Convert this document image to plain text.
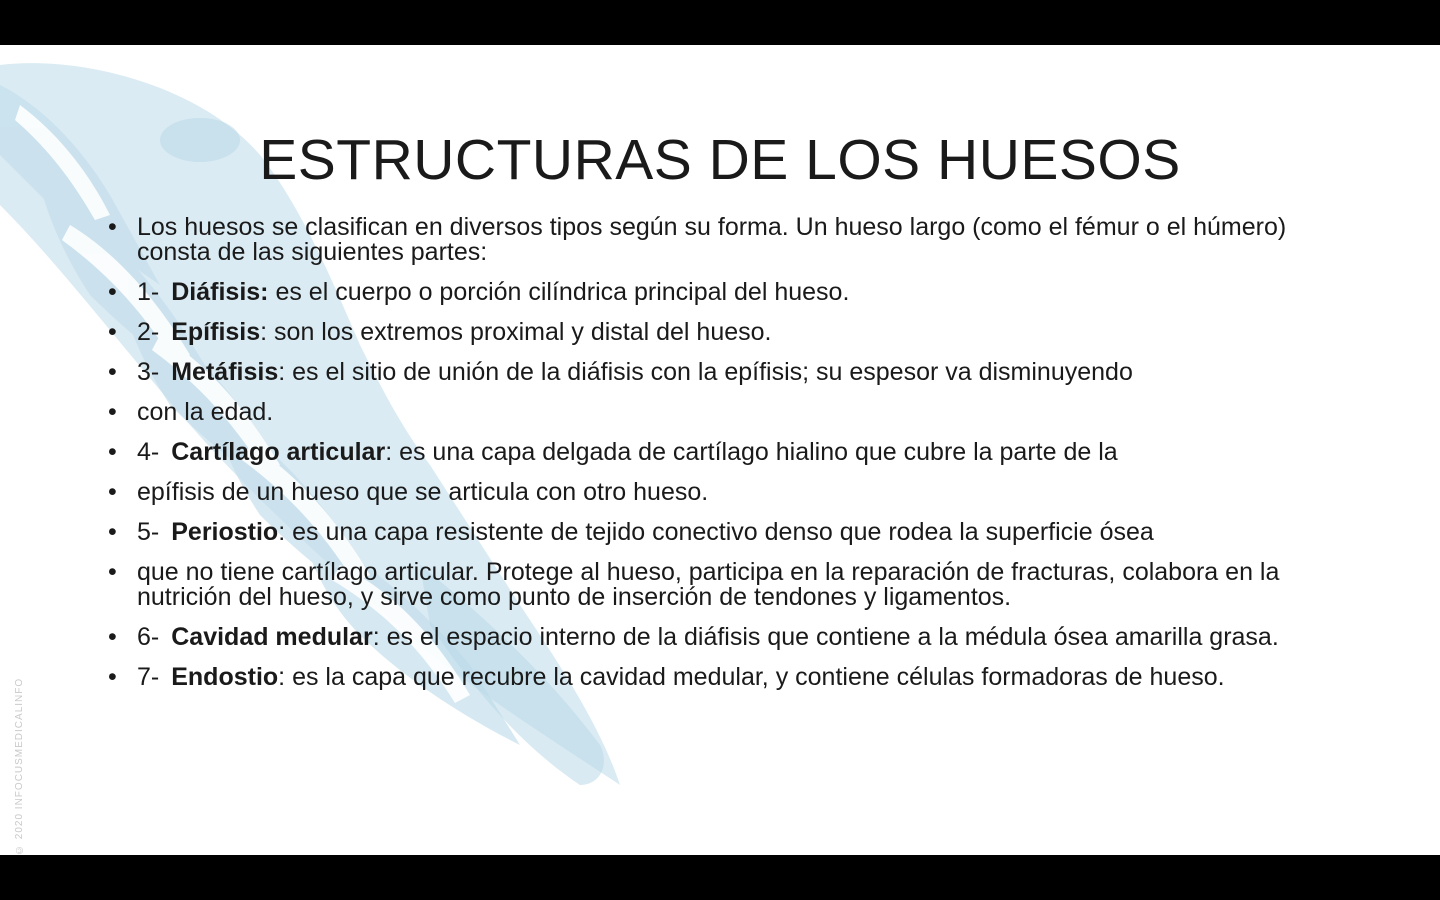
ESTRUCTURAS DE LOS HUESOS
• Los huesos se clasifican en diversos tipos según su forma. Un hueso largo (como el fémur o el húmero) consta de las siguientes partes:
• 1- Diáfisis: es el cuerpo o porción cilíndrica principal del hueso.
• 2- Epífisis: son los extremos proximal y distal del hueso.
• 3- Metáfisis: es el sitio de unión de la diáfisis con la epífisis; su espesor va disminuyendo
• con la edad.
• 4- Cartílago articular: es una capa delgada de cartílago hialino que cubre la parte de la
• epífisis de un hueso que se articula con otro hueso.
• 5- Periostio: es una capa resistente de tejido conectivo denso que rodea la superficie ósea
• que no tiene cartílago articular. Protege al hueso, participa en la reparación de fracturas, colabora en la nutrición del hueso, y sirve como punto de inserción de tendones y ligamentos.
• 6- Cavidad medular: es el espacio interno de la diáfisis que contiene a la médula ósea amarilla grasa.
• 7- Endostio: es la capa que recubre la cavidad medular, y contiene células formadoras de hueso.
© 2020 INFOCUSMEDICALINFO
